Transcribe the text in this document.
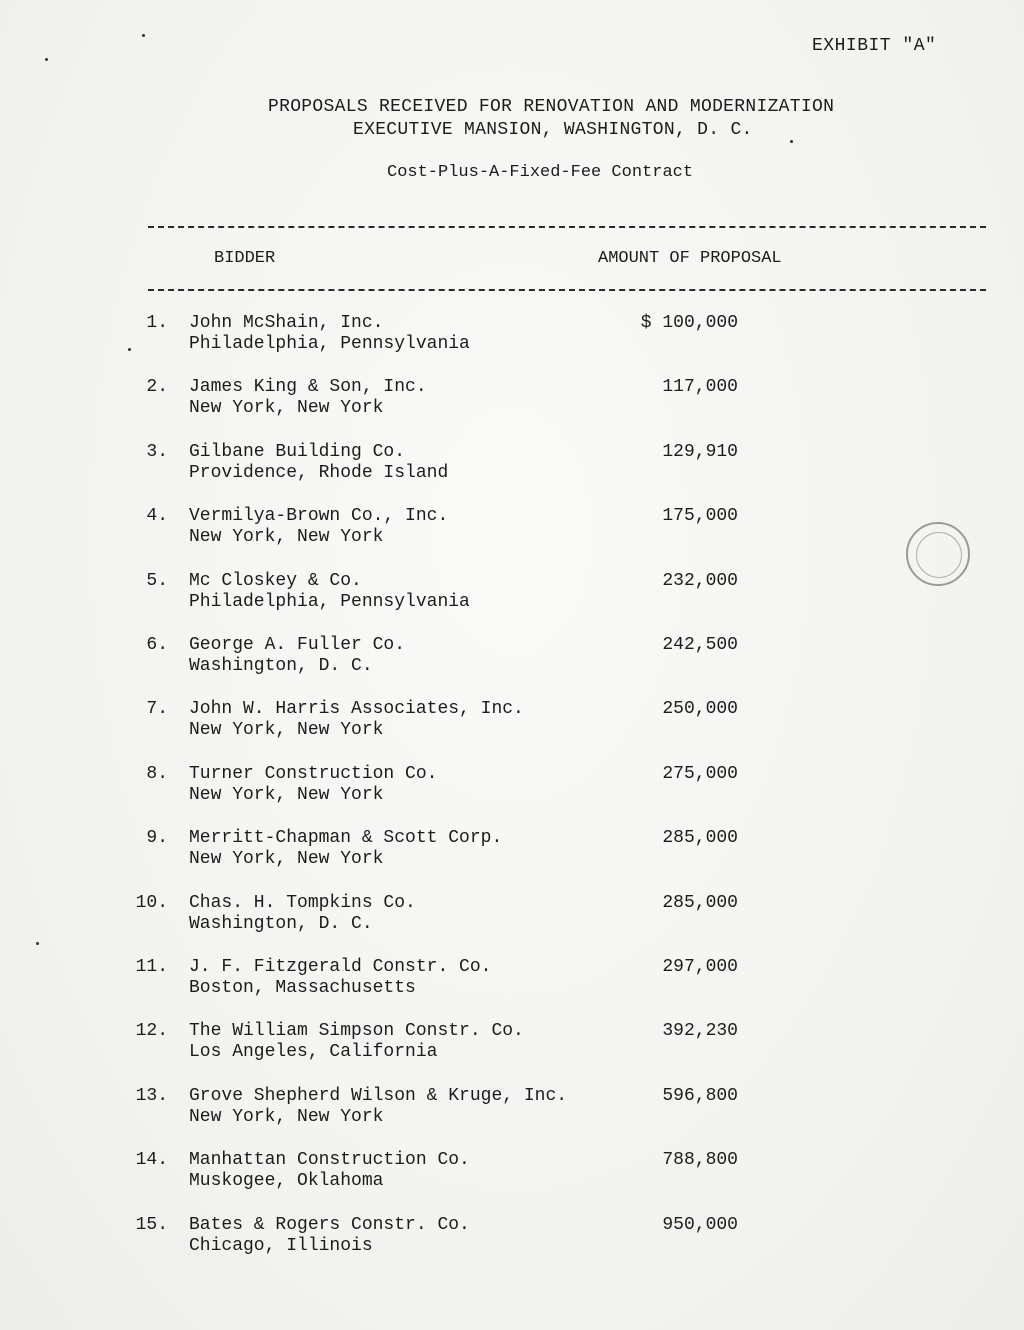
EXHIBIT "A"
PROPOSALS RECEIVED FOR RENOVATION AND MODERNIZATION
EXECUTIVE MANSION, WASHINGTON, D. C.
Cost-Plus-A-Fixed-Fee Contract
BIDDER	AMOUNT OF PROPOSAL
1. John McShain, Inc.
Philadelphia, Pennsylvania
$ 100,000
2. James King & Son, Inc.
New York, New York
117,000
3. Gilbane Building Co.
Providence, Rhode Island
129,910
4. Vermilya-Brown Co., Inc.
New York, New York
175,000
5. Mc Closkey & Co.
Philadelphia, Pennsylvania
232,000
6. George A. Fuller Co.
Washington, D. C.
242,500
7. John W. Harris Associates, Inc.
New York, New York
250,000
8. Turner Construction Co.
New York, New York
275,000
9. Merritt-Chapman & Scott Corp.
New York, New York
285,000
10. Chas. H. Tompkins Co.
Washington, D. C.
285,000
11. J. F. Fitzgerald Constr. Co.
Boston, Massachusetts
297,000
12. The William Simpson Constr. Co.
Los Angeles, California
392,230
13. Grove Shepherd Wilson & Kruge, Inc.
New York, New York
596,800
14. Manhattan Construction Co.
Muskogee, Oklahoma
788,800
15. Bates & Rogers Constr. Co.
Chicago, Illinois
950,000
